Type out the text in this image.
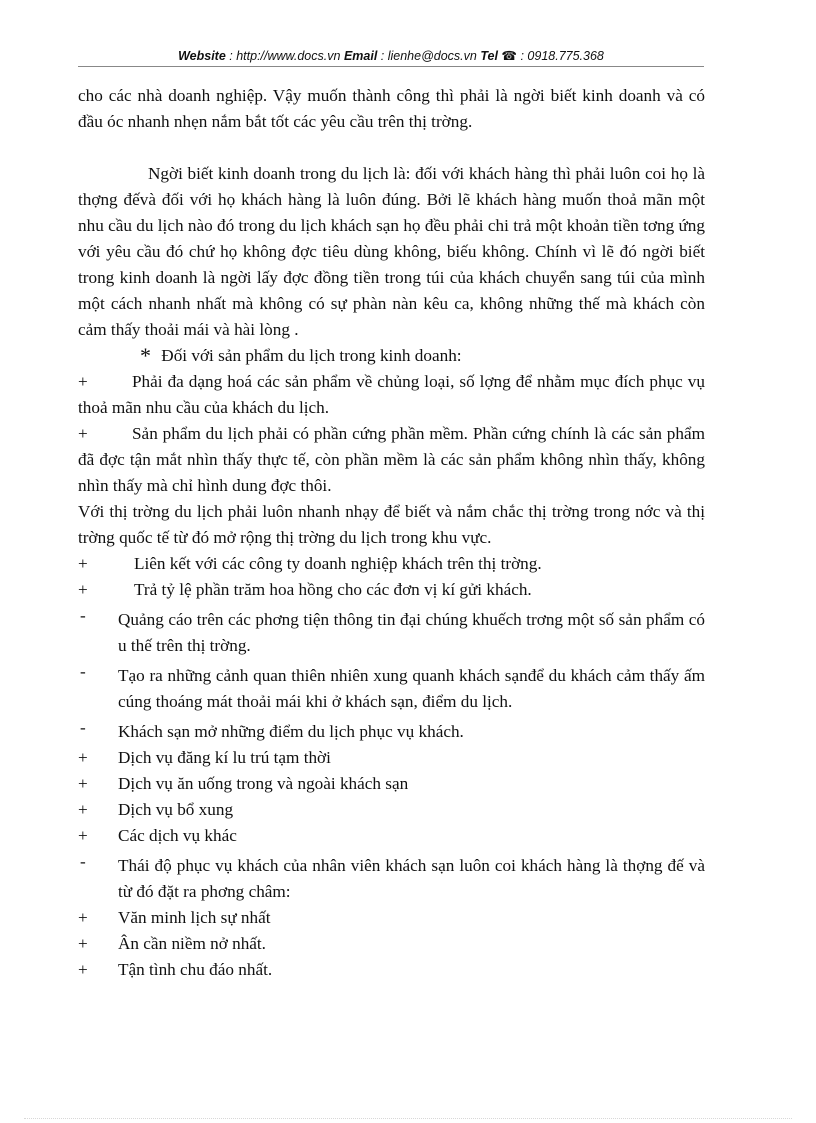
Website : http://www.docs.vn Email : lienhe@docs.vn Tel ☎ : 0918.775.368

cho các nhà doanh nghiệp. Vậy muốn thành công thì phải là ngời biết kinh doanh và có đầu óc nhanh nhẹn nắm bắt tốt các yêu cầu trên thị trờng.

Ngời biết kinh doanh trong du lịch là: đối với khách hàng thì phải luôn coi họ là thợng đếvà đối với họ khách hàng là luôn đúng. Bởi lẽ khách hàng muốn thoả mãn một nhu cầu du lịch nào đó trong du lịch khách sạn họ đều phải chi trả một khoản tiền tơng ứng với yêu cầu đó chứ họ không đợc tiêu dùng không, biếu không. Chính vì lẽ đó ngời biết trong kinh doanh là ngời lấy đợc đồng tiền trong túi của khách chuyển sang túi của mình một cách nhanh nhất mà không có sự phàn nàn kêu ca, không những thế mà khách còn cảm thấy thoải mái và hài lòng .

* Đối với sản phẩm du lịch trong kinh doanh:

+	Phải đa dạng hoá các sản phẩm về chủng loại, số lợng để nhằm mục đích phục vụ thoả mãn nhu cầu của khách du lịch.

+	Sản phẩm du lịch phải có phần cứng phần mềm. Phần cứng chính là các sản phẩm đã đợc tận mắt nhìn thấy thực tế, còn phần mềm là các sản phẩm không nhìn thấy, không nhìn thấy mà chỉ hình dung đợc thôi.

Với thị trờng du lịch phải luôn nhanh nhạy để biết và nắm chắc thị trờng trong nớc và thị trờng quốc tế từ đó mở rộng thị trờng du lịch trong khu vực.

+	Liên kết với các công ty doanh nghiệp khách trên thị trờng.
+	Trả tỷ lệ phần trăm hoa hồng cho các đơn vị kí gửi khách.
- Quảng cáo trên các phơng tiện thông tin đại chúng khuếch trơng một số sản phẩm có u thế trên thị trờng.
- Tạo ra những cảnh quan thiên nhiên xung quanh khách sạnđể du khách cảm thấy ấm cúng thoáng mát thoải mái khi ở khách sạn, điểm du lịch.
- Khách sạn mở những điểm du lịch phục vụ khách.
+	Dịch vụ đăng kí lu trú tạm thời
+	Dịch vụ ăn uống trong và ngoài khách sạn
+	Dịch vụ bổ xung
+	Các dịch vụ khác
- Thái độ phục vụ khách của nhân viên khách sạn luôn coi khách hàng là thợng đế và từ đó đặt ra phơng châm:
+	Văn minh lịch sự nhất
+	Ân cần niềm nở nhất.
+	Tận tình chu đáo nhất.
